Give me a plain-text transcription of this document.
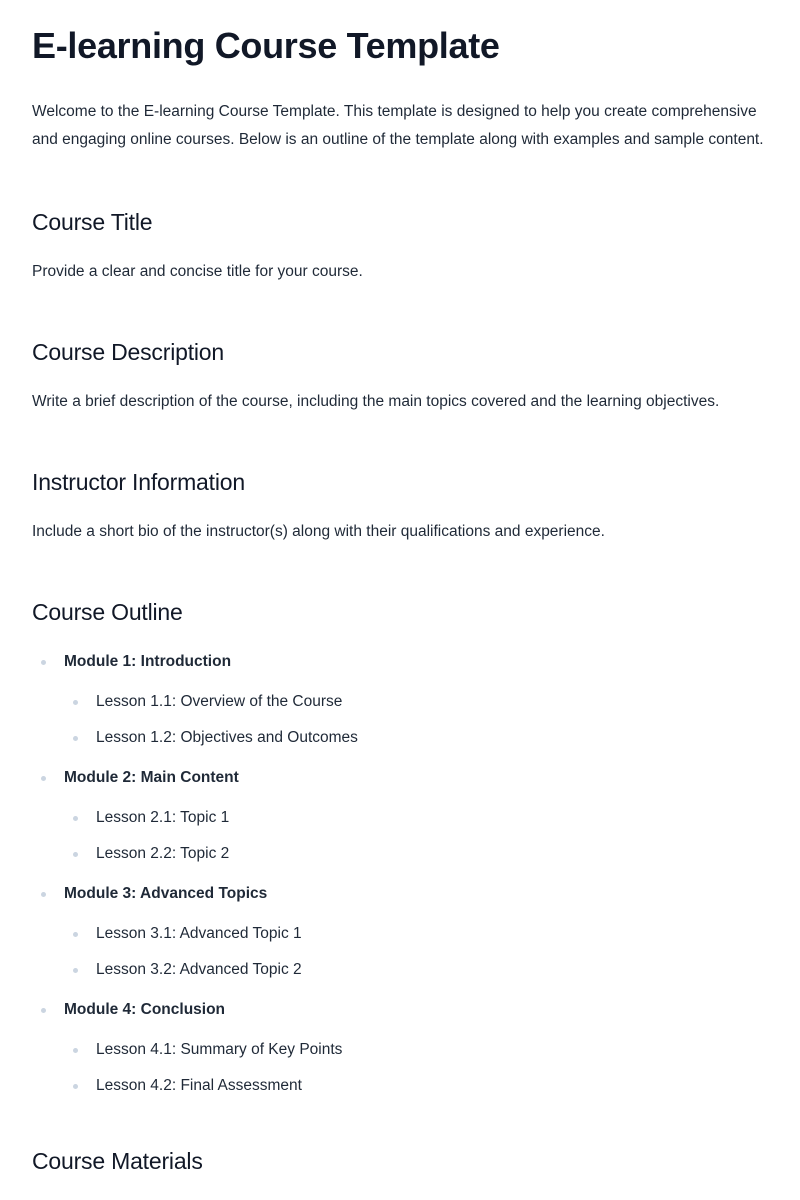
E-learning Course Template

Welcome to the E-learning Course Template. This template is designed to help you create comprehensive and engaging online courses. Below is an outline of the template along with examples and sample content.

Course Title

Provide a clear and concise title for your course.

Course Description

Write a brief description of the course, including the main topics covered and the learning objectives.

Instructor Information

Include a short bio of the instructor(s) along with their qualifications and experience.

Course Outline
Module 1: Introduction
Lesson 1.1: Overview of the Course
Lesson 1.2: Objectives and Outcomes
Module 2: Main Content
Lesson 2.1: Topic 1
Lesson 2.2: Topic 2
Module 3: Advanced Topics
Lesson 3.1: Advanced Topic 1
Lesson 3.2: Advanced Topic 2
Module 4: Conclusion
Lesson 4.1: Summary of Key Points
Lesson 4.2: Final Assessment
Course Materials
